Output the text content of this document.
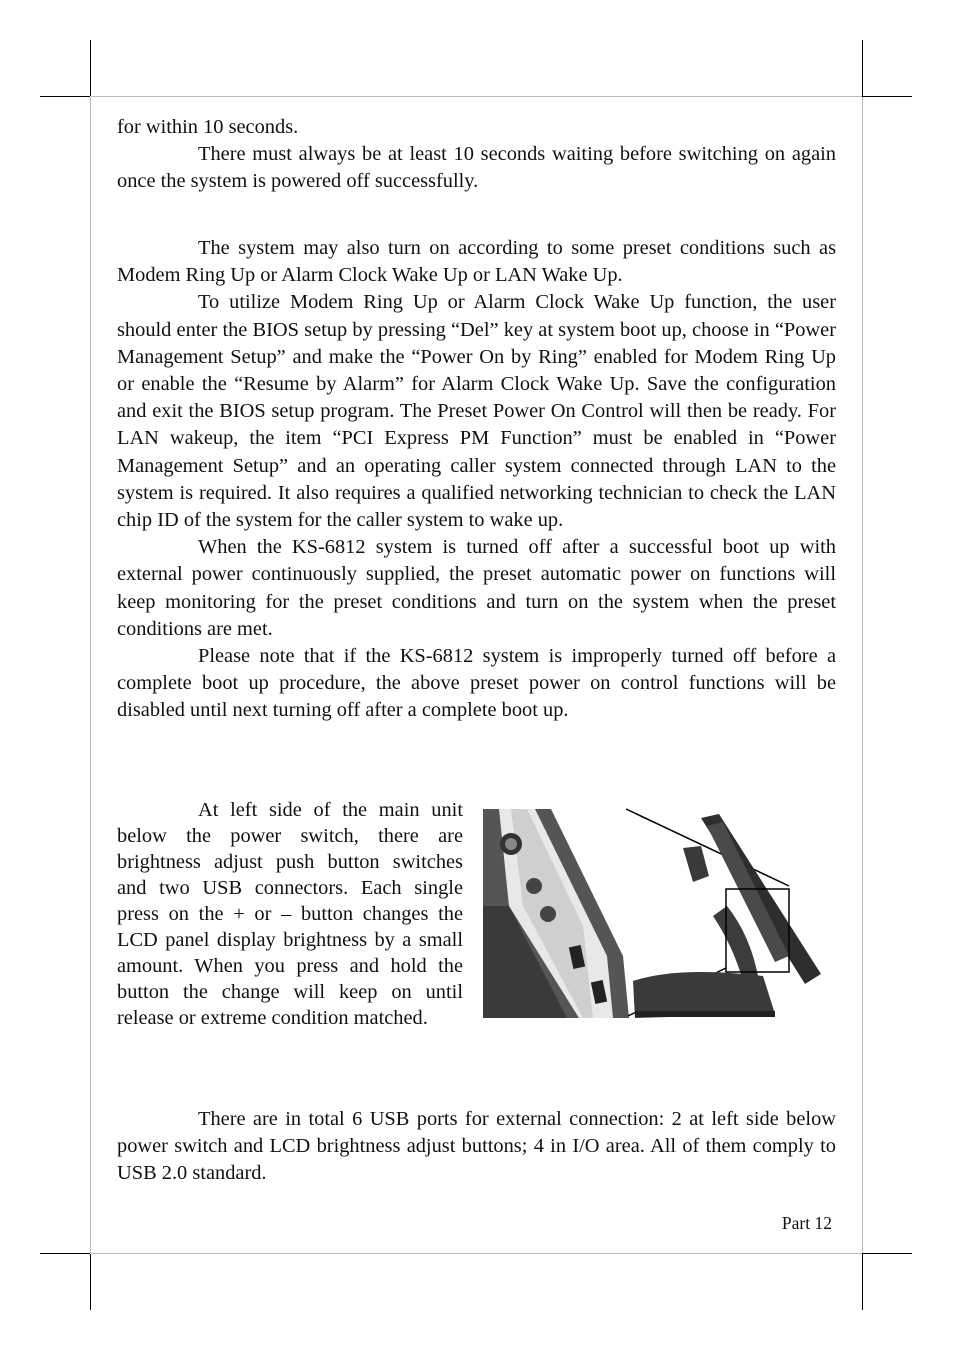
for within 10 seconds.

There must always be at least 10 seconds waiting before switching on again once the system is powered off successfully.

The system may also turn on according to some preset conditions such as Modem Ring Up or Alarm Clock Wake Up or LAN Wake Up.

To utilize Modem Ring Up or Alarm Clock Wake Up function, the user should enter the BIOS setup by pressing “Del” key at system boot up, choose in “Power Management Setup” and make the “Power On by Ring” enabled for Modem Ring Up or enable the “Resume by Alarm” for Alarm Clock Wake Up. Save the configuration and exit the BIOS setup program. The Preset Power On Control will then be ready. For LAN wakeup, the item “PCI Express PM Function” must be enabled in “Power Management Setup” and an operating caller system connected through LAN to the system is required. It also requires a qualified networking technician to check the LAN chip ID of the system for the caller system to wake up.

When the KS-6812 system is turned off after a successful boot up with external power continuously supplied, the preset automatic power on functions will keep monitoring for the preset conditions and turn on the system when the preset conditions are met.

Please note that if the KS-6812 system is improperly turned off before a complete boot up procedure, the above preset power on control functions will be disabled until next turning off after a complete boot up.

At left side of the main unit below the power switch, there are brightness adjust push button switches and two USB connectors. Each single press on the + or – button changes the LCD panel display brightness by a small amount. When you press and hold the button the change will keep on until release or extreme condition matched.

There are in total 6 USB ports for external connection: 2 at left side below power switch and LCD brightness adjust buttons; 4 in I/O area. All of them comply to USB 2.0 standard.

Part 12
